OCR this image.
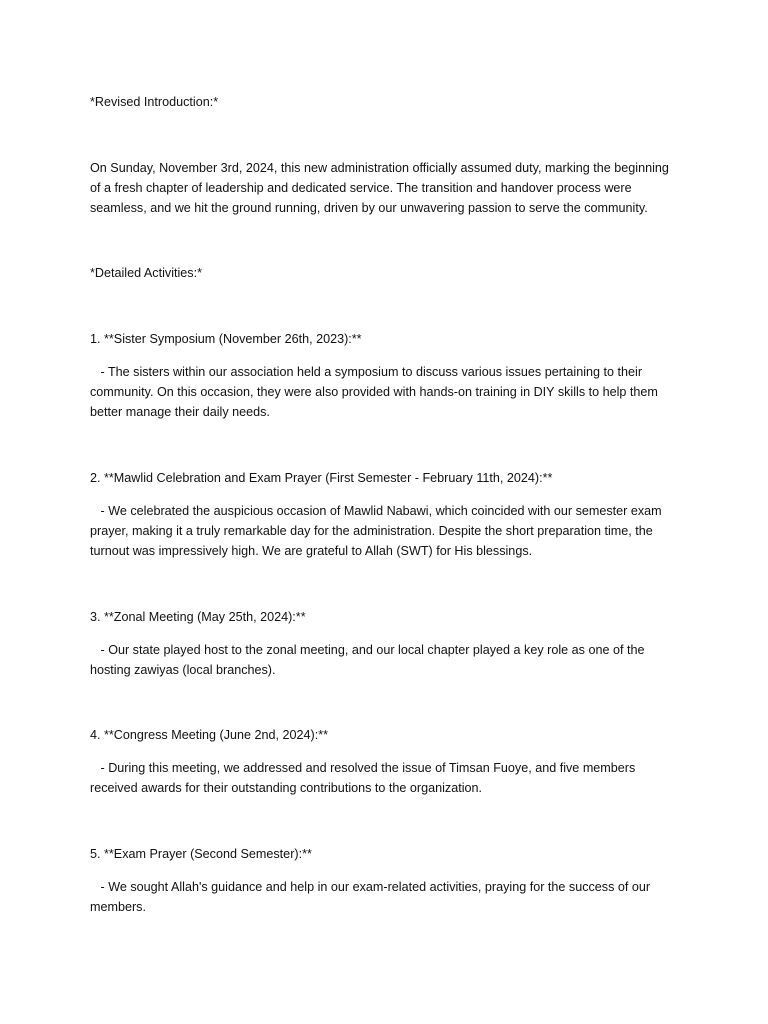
*Revised Introduction:*

On Sunday, November 3rd, 2024, this new administration officially assumed duty, marking the beginning of a fresh chapter of leadership and dedicated service. The transition and handover process were seamless, and we hit the ground running, driven by our unwavering passion to serve the community.

*Detailed Activities:*

1. **Sister Symposium (November 26th, 2023):**

- The sisters within our association held a symposium to discuss various issues pertaining to their community. On this occasion, they were also provided with hands-on training in DIY skills to help them better manage their daily needs.

2. **Mawlid Celebration and Exam Prayer (First Semester - February 11th, 2024):**

- We celebrated the auspicious occasion of Mawlid Nabawi, which coincided with our semester exam prayer, making it a truly remarkable day for the administration. Despite the short preparation time, the turnout was impressively high. We are grateful to Allah (SWT) for His blessings.

3. **Zonal Meeting (May 25th, 2024):**

- Our state played host to the zonal meeting, and our local chapter played a key role as one of the hosting zawiyas (local branches).

4. **Congress Meeting (June 2nd, 2024):**

- During this meeting, we addressed and resolved the issue of Timsan Fuoye, and five members received awards for their outstanding contributions to the organization.

5. **Exam Prayer (Second Semester):**

- We sought Allah's guidance and help in our exam-related activities, praying for the success of our members.
